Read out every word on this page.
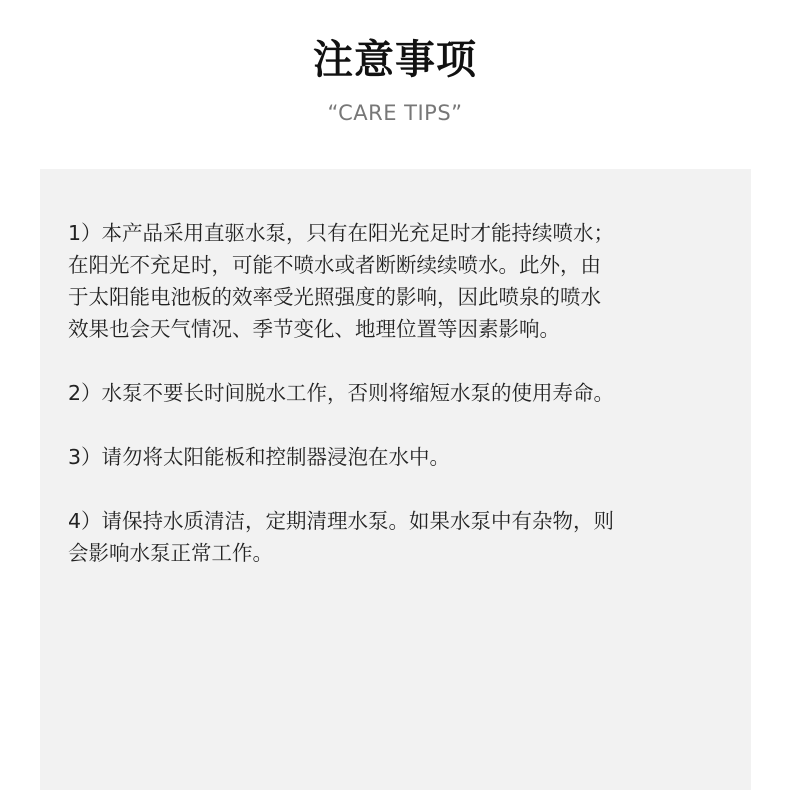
注意事项
“CARE TIPS”

1）本产品采用直驱水泵，只有在阳光充足时才能持续喷水；
在阳光不充足时，可能不喷水或者断断续续喷水。此外，由
于太阳能电池板的效率受光照强度的影响，因此喷泉的喷水
效果也会天气情况、季节变化、地理位置等因素影响。

2）水泵不要长时间脱水工作，否则将缩短水泵的使用寿命。

3）请勿将太阳能板和控制器浸泡在水中。

4）请保持水质清洁，定期清理水泵。如果水泵中有杂物，则
会影响水泵正常工作。
